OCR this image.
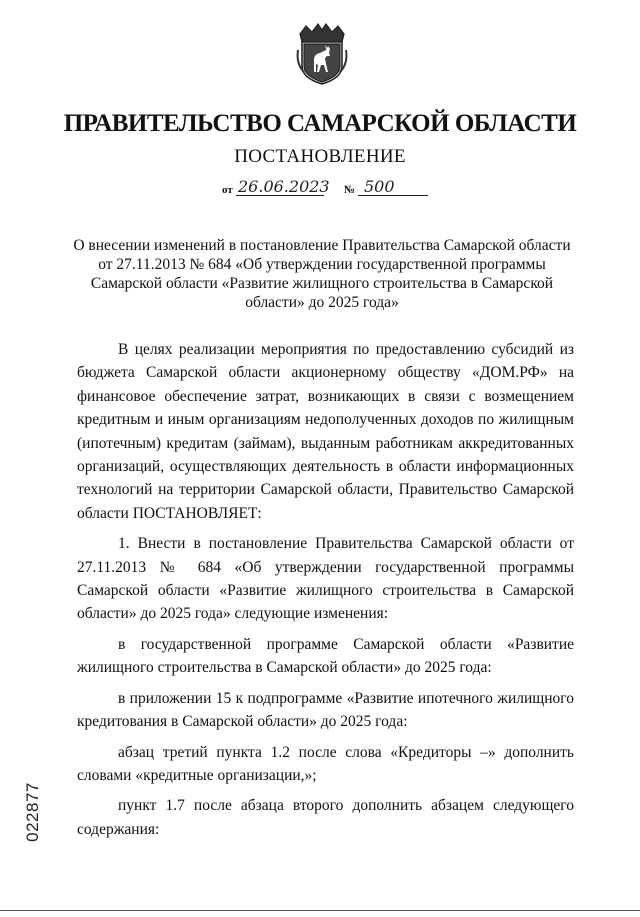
ПРАВИТЕЛЬСТВО САМАРСКОЙ ОБЛАСТИ
ПОСТАНОВЛЕНИЕ
от 26.06.2023 № 500
О внесении изменений в постановление Правительства Самарской области от 27.11.2013 № 684 «Об утверждении государственной программы Самарской области «Развитие жилищного строительства в Самарской области» до 2025 года»

В целях реализации мероприятия по предоставлению субсидий из бюджета Самарской области акционерному обществу «ДОМ.РФ» на финансовое обеспечение затрат, возникающих в связи с возмещением кредитным и иным организациям недополученных доходов по жилищным (ипотечным) кредитам (займам), выданным работникам аккредитованных организаций, осуществляющих деятельность в области информационных технологий на территории Самарской области, Правительство Самарской области ПОСТАНОВЛЯЕТ:

1. Внести в постановление Правительства Самарской области от 27.11.2013 № 684 «Об утверждении государственной программы Самарской области «Развитие жилищного строительства в Самарской области» до 2025 года» следующие изменения:

в государственной программе Самарской области «Развитие жилищного строительства в Самарской области» до 2025 года:

в приложении 15 к подпрограмме «Развитие ипотечного жилищного кредитования в Самарской области» до 2025 года:

абзац третий пункта 1.2 после слова «Кредиторы –» дополнить словами «кредитные организации,»;

пункт 1.7 после абзаца второго дополнить абзацем следующего содержания:

022877
